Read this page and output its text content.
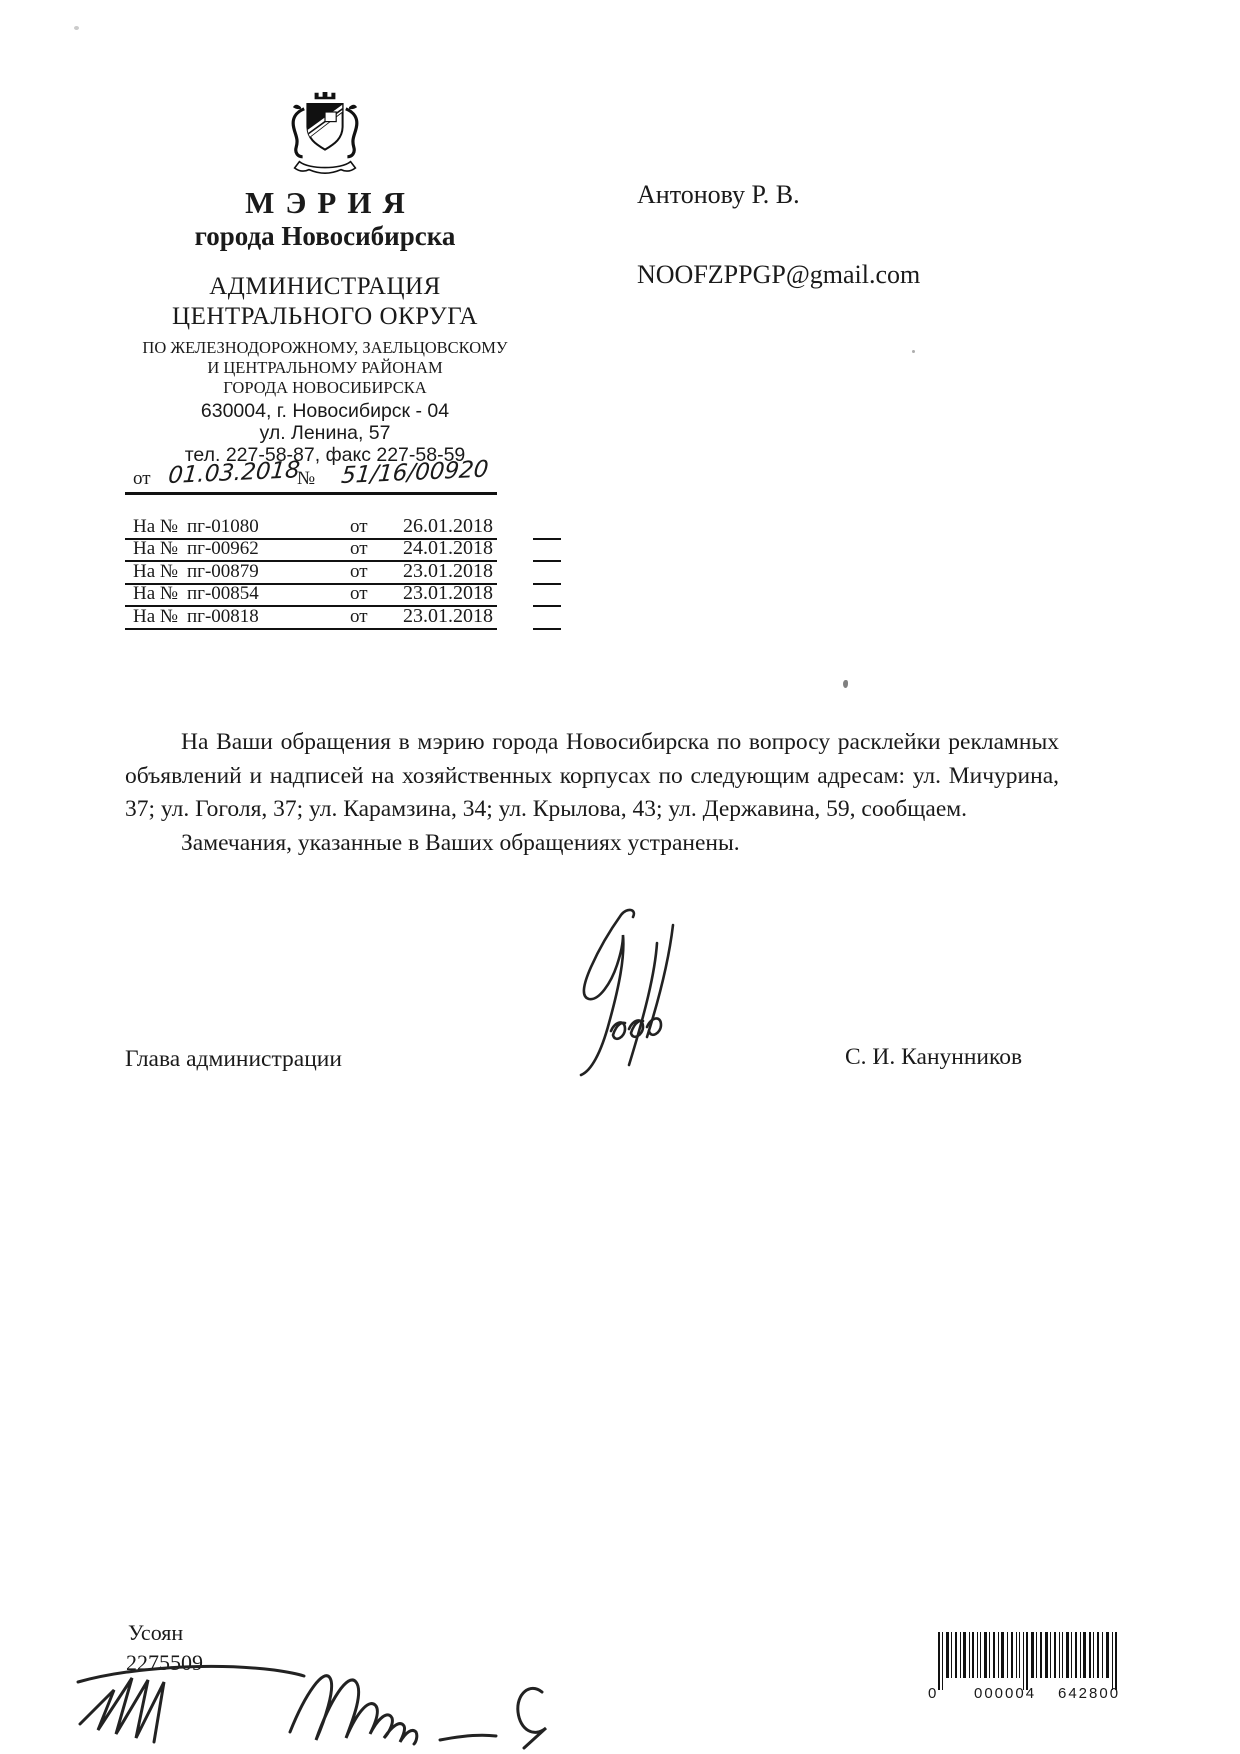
МЭРИЯ
города Новосибирска
АДМИНИСТРАЦИЯ
ЦЕНТРАЛЬНОГО ОКРУГА
ПО ЖЕЛЕЗНОДОРОЖНОМУ, ЗАЕЛЬЦОВСКОМУ
И ЦЕНТРАЛЬНОМУ РАЙОНАМ
ГОРОДА НОВОСИБИРСКА
630004, г. Новосибирск - 04
ул. Ленина, 57
тел. 227-58-87, факс 227-58-59
от 01.03.2018
№ 51/16/00920
На № пг-01080	от 26.01.2018
На № пг-00962	от 24.01.2018
На № пг-00879	от 23.01.2018
На № пг-00854	от 23.01.2018
На № пг-00818	от 23.01.2018
Антонову Р. В.
NOOFZPPGP@gmail.com

На Ваши обращения в мэрию города Новосибирска по вопросу расклейки рекламных объявлений и надписей на хозяйственных корпусах по следующим адресам: ул. Мичурина, 37; ул. Гоголя, 37; ул. Карамзина, 34; ул. Крылова, 43; ул. Державина, 59, сообщаем.

Замечания, указанные в Ваших обращениях устранены.

Глава администрации	С. И. Канунников
Усоян
2275509
0	000004 642800
